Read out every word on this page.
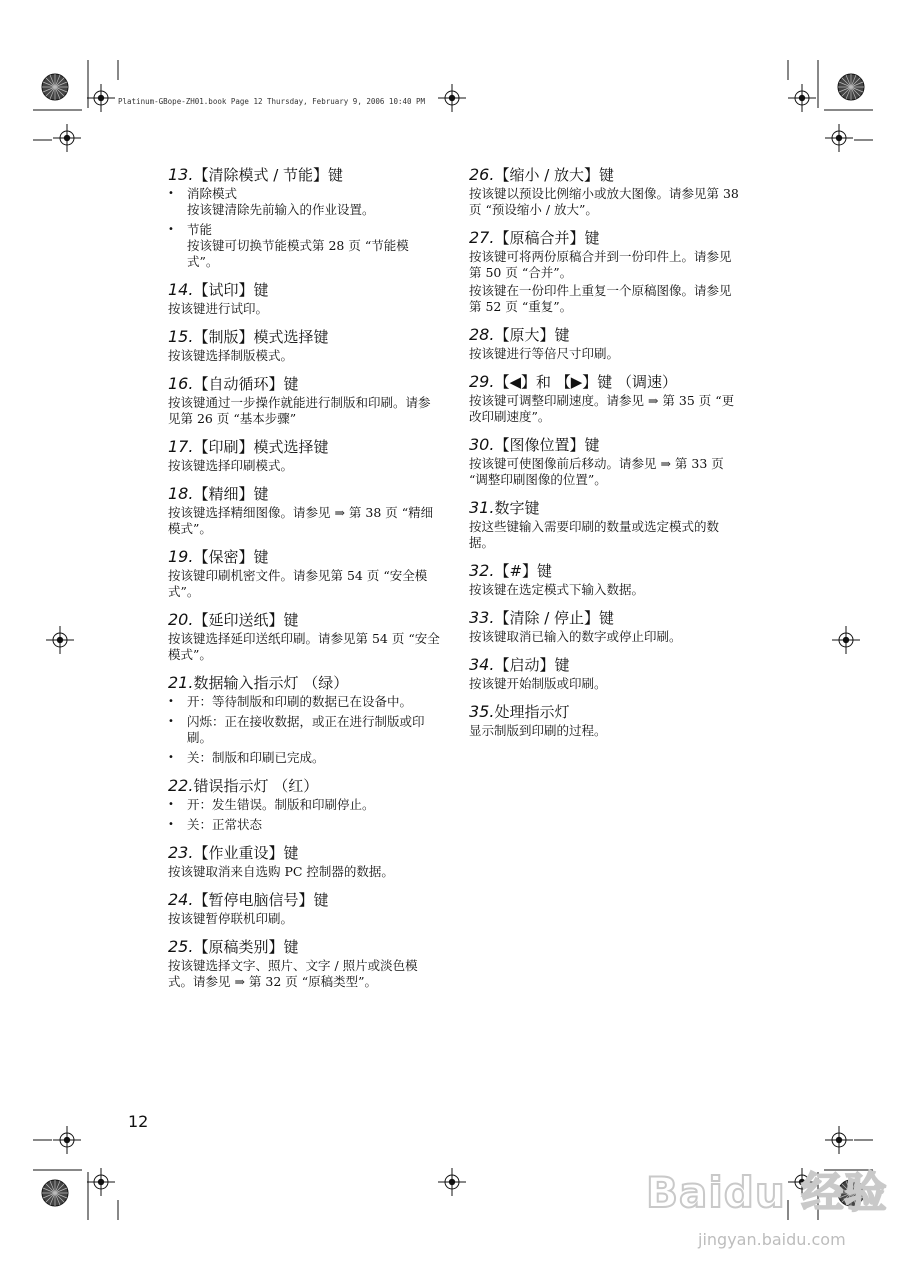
Platinum-GBope-ZH01.book Page 12 Thursday, February 9, 2006 10:40 PM
13.【清除模式 / 节能】键
• 消除模式
按该键清除先前输入的作业设置。
• 节能
按该键可切换节能模式第 28 页 “节能模式”。
14.【试印】键
按该键进行试印。
15.【制版】模式选择键
按该键选择制版模式。
16.【自动循环】键
按该键通过一步操作就能进行制版和印刷。请参见第 26 页 “基本步骤”
17.【印刷】模式选择键
按该键选择印刷模式。
18.【精细】键
按该键选择精细图像。请参见 ⇒ 第 38 页 “精细模式”。
19.【保密】键
按该键印刷机密文件。请参见第 54 页 “安全模式”。
20.【延印送纸】键
按该键选择延印送纸印刷。请参见第 54 页 “安全模式”。
21.数据输入指示灯 （绿）
• 开：等待制版和印刷的数据已在设备中。
• 闪烁：正在接收数据，或正在进行制版或印刷。
• 关：制版和印刷已完成。
22.错误指示灯 （红）
• 开：发生错误。制版和印刷停止。
• 关：正常状态
23.【作业重设】键
按该键取消来自选购 PC 控制器的数据。
24.【暂停电脑信号】键
按该键暂停联机印刷。
25.【原稿类别】键
按该键选择文字、照片、文字 / 照片或淡色模式。请参见 ⇒ 第 32 页 “原稿类型”。
26.【缩小 / 放大】键
按该键以预设比例缩小或放大图像。请参见第 38 页 “预设缩小 / 放大”。
27.【原稿合并】键
按该键可将两份原稿合并到一份印件上。请参见第 50 页 “合并”。
按该键在一份印件上重复一个原稿图像。请参见第 52 页 “重复”。
28.【原大】键
按该键进行等倍尺寸印刷。
29.【◀】和 【▶】键 （调速）
按该键可调整印刷速度。请参见 ⇒ 第 35 页 “更改印刷速度”。
30.【图像位置】键
按该键可使图像前后移动。请参见 ⇒ 第 33 页 “调整印刷图像的位置”。
31.数字键
按这些键输入需要印刷的数量或选定模式的数据。
32.【#】键
按该键在选定模式下输入数据。
33.【清除 / 停止】键
按该键取消已输入的数字或停止印刷。
34.【启动】键
按该键开始制版或印刷。
35.处理指示灯
显示制版到印刷的过程。
12
Baidu 经验
jingyan.baidu.com
